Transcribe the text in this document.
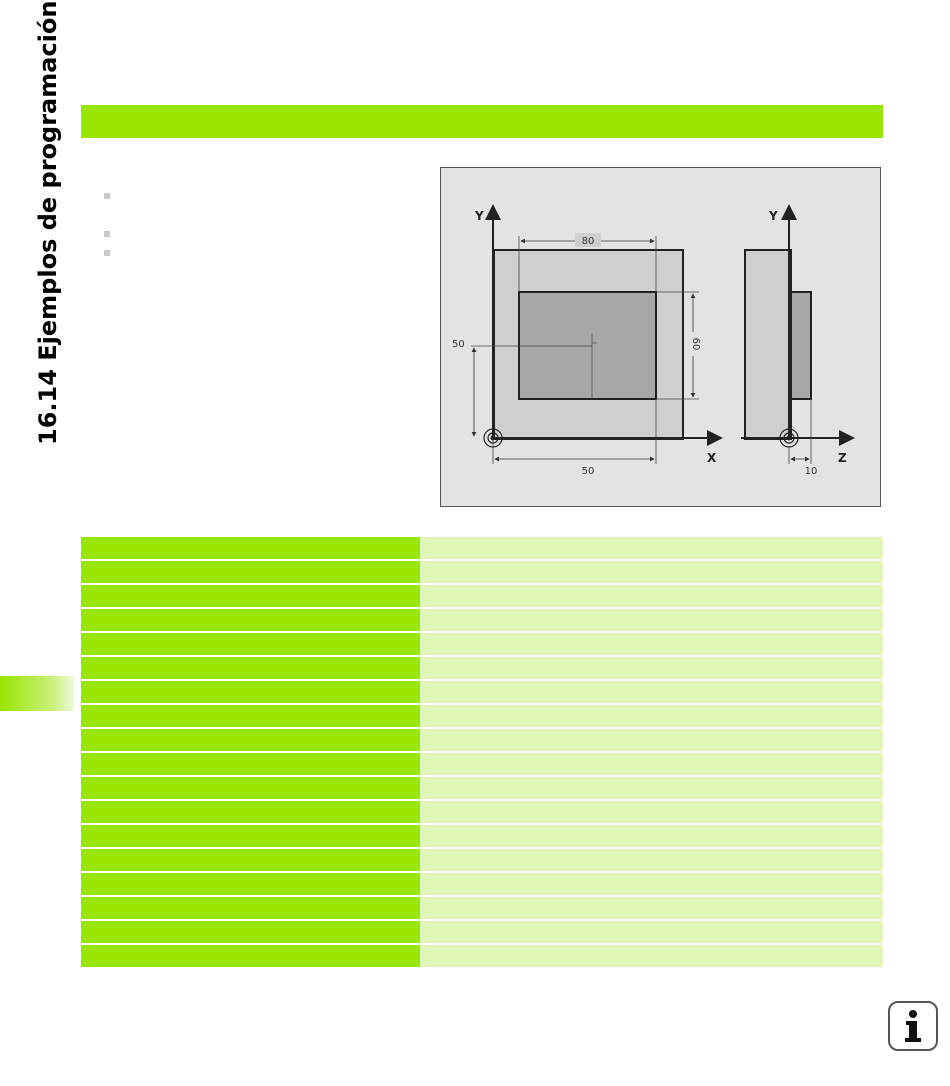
16.14 Ejemplos de programación	Y
X
80
60
50
50
Y
Z
10
